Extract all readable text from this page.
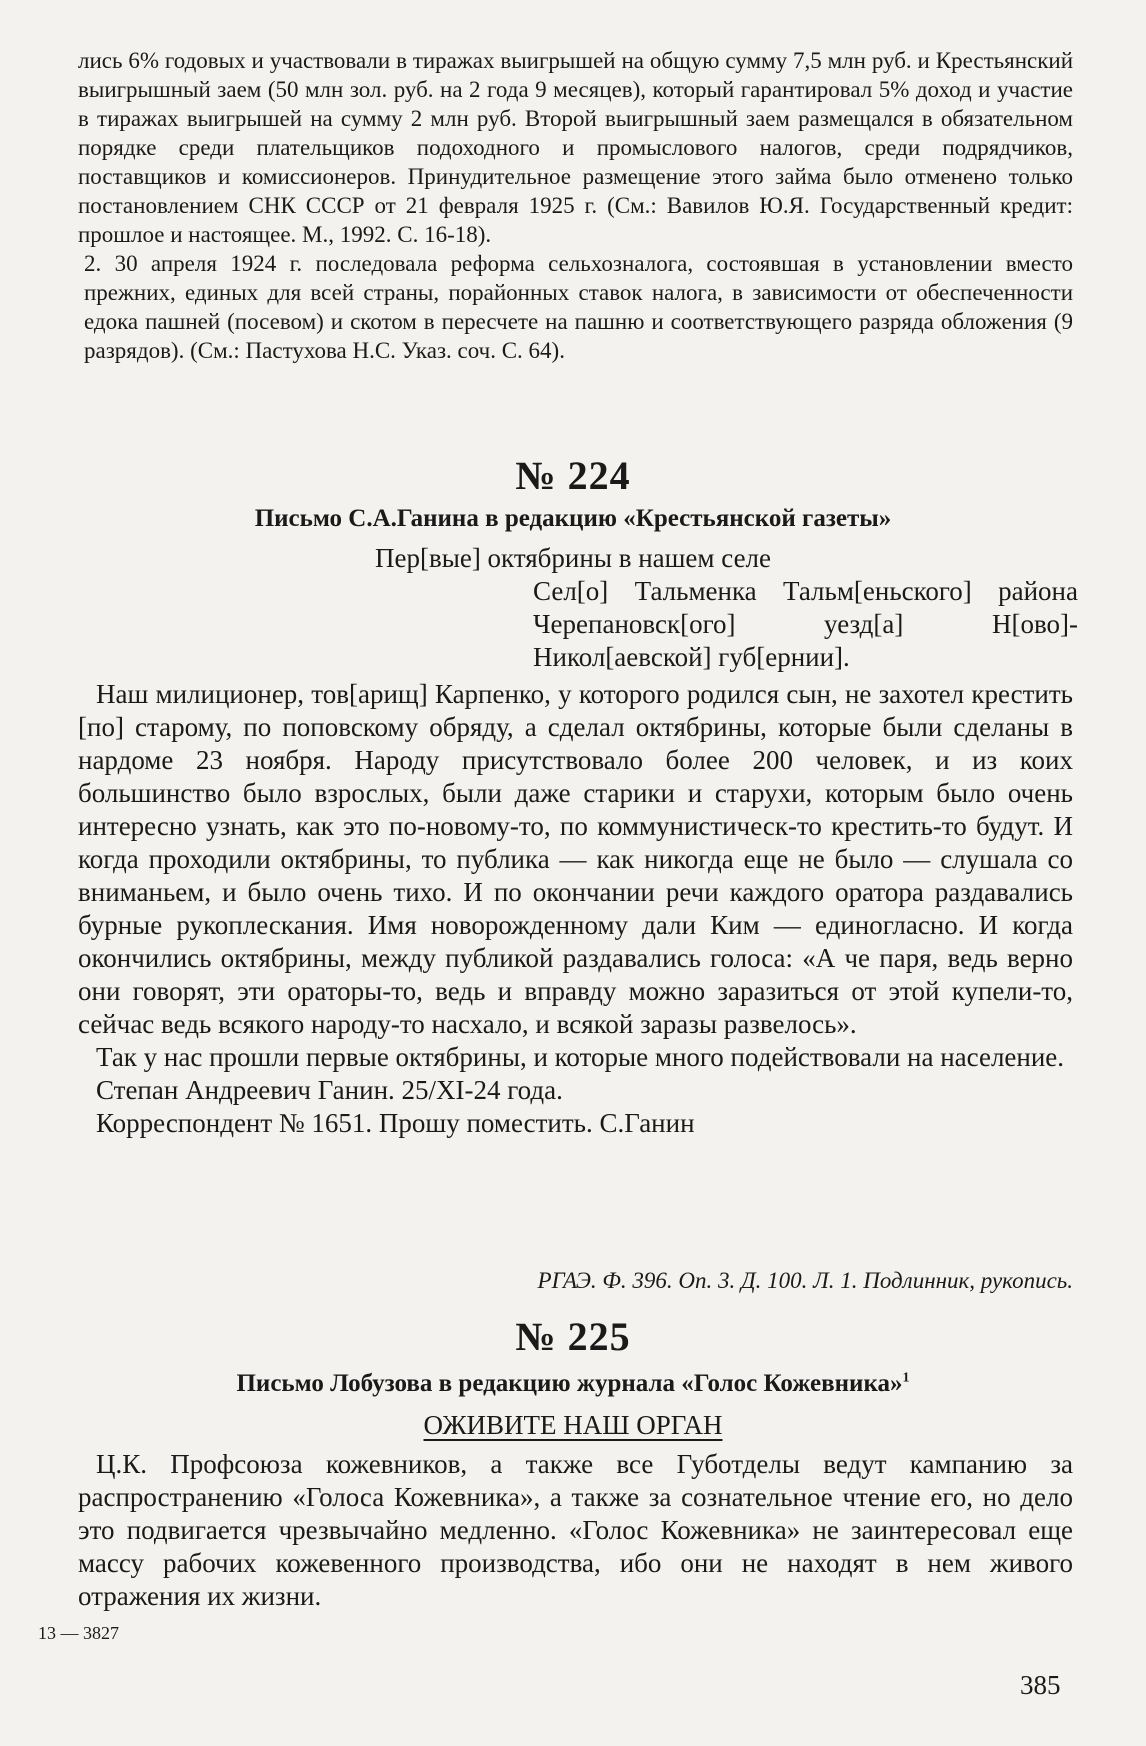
лись 6% годовых и участвовали в тиражах выигрышей на общую сумму 7,5 млн руб. и Крестьянский выигрышный заем (50 млн зол. руб. на 2 года 9 месяцев), который гарантировал 5% доход и участие в тиражах выигрышей на сумму 2 млн руб. Второй выигрышный заем размещался в обязательном порядке среди плательщиков подоходного и промыслового налогов, среди подрядчиков, поставщиков и комиссионеров. Принудительное размещение этого займа было отменено только постановлением СНК СССР от 21 февраля 1925 г. (См.: Вавилов Ю.Я. Государственный кредит: прошлое и настоящее. М., 1992. С. 16-18).

2. 30 апреля 1924 г. последовала реформа сельхозналога, состоявшая в установлении вместо прежних, единых для всей страны, порайонных ставок налога, в зависимости от обеспеченности едока пашней (посевом) и скотом в пересчете на пашню и соответствующего разряда обложения (9 разрядов). (См.: Пастухова Н.С. Указ. соч. С. 64).

№ 224
Письмо С.А.Ганина в редакцию «Крестьянской газеты»
Пер[вые] октябрины в нашем селе
Сел[о] Тальменка Тальм[еньского] района Черепановск[ого] уезд[а] Н[ово]-Никол[аевской] губ[ернии].

Наш милиционер, тов[арищ] Карпенко, у которого родился сын, не захотел крестить [по] старому, по поповскому обряду, а сделал октябрины, которые были сделаны в нардоме 23 ноября. Народу присутствовало более 200 человек, и из коих большинство было взрослых, были даже старики и старухи, которым было очень интересно узнать, как это по-новому-то, по коммунистическ-то крестить-то будут. И когда проходили октябрины, то публика — как никогда еще не было — слушала со вниманьем, и было очень тихо. И по окончании речи каждого оратора раздавались бурные рукоплескания. Имя новорожденному дали Ким — единогласно. И когда окончились октябрины, между публикой раздавались голоса: «А че паря, ведь верно они говорят, эти ораторы-то, ведь и вправду можно заразиться от этой купели-то, сейчас ведь всякого народу-то насхало, и всякой заразы развелось».

Так у нас прошли первые октябрины, и которые много подействовали на население.

Степан Андреевич Ганин. 25/XI-24 года.

Корреспондент № 1651. Прошу поместить. С.Ганин

РГАЭ. Ф. 396. Оп. 3. Д. 100. Л. 1. Подлинник, рукопись.
№ 225
Письмо Лобузова в редакцию журнала «Голос Кожевника»$^1$
ОЖИВИТЕ НАШ ОРГАН

Ц.К. Профсоюза кожевников, а также все Губотделы ведут кампанию за распространению «Голоса Кожевника», а также за сознательное чтение его, но дело это подвигается чрезвычайно медленно. «Голос Кожевника» не заинтересовал еще массу рабочих кожевенного производства, ибо они не находят в нем живого отражения их жизни.

13 — 3827
385
